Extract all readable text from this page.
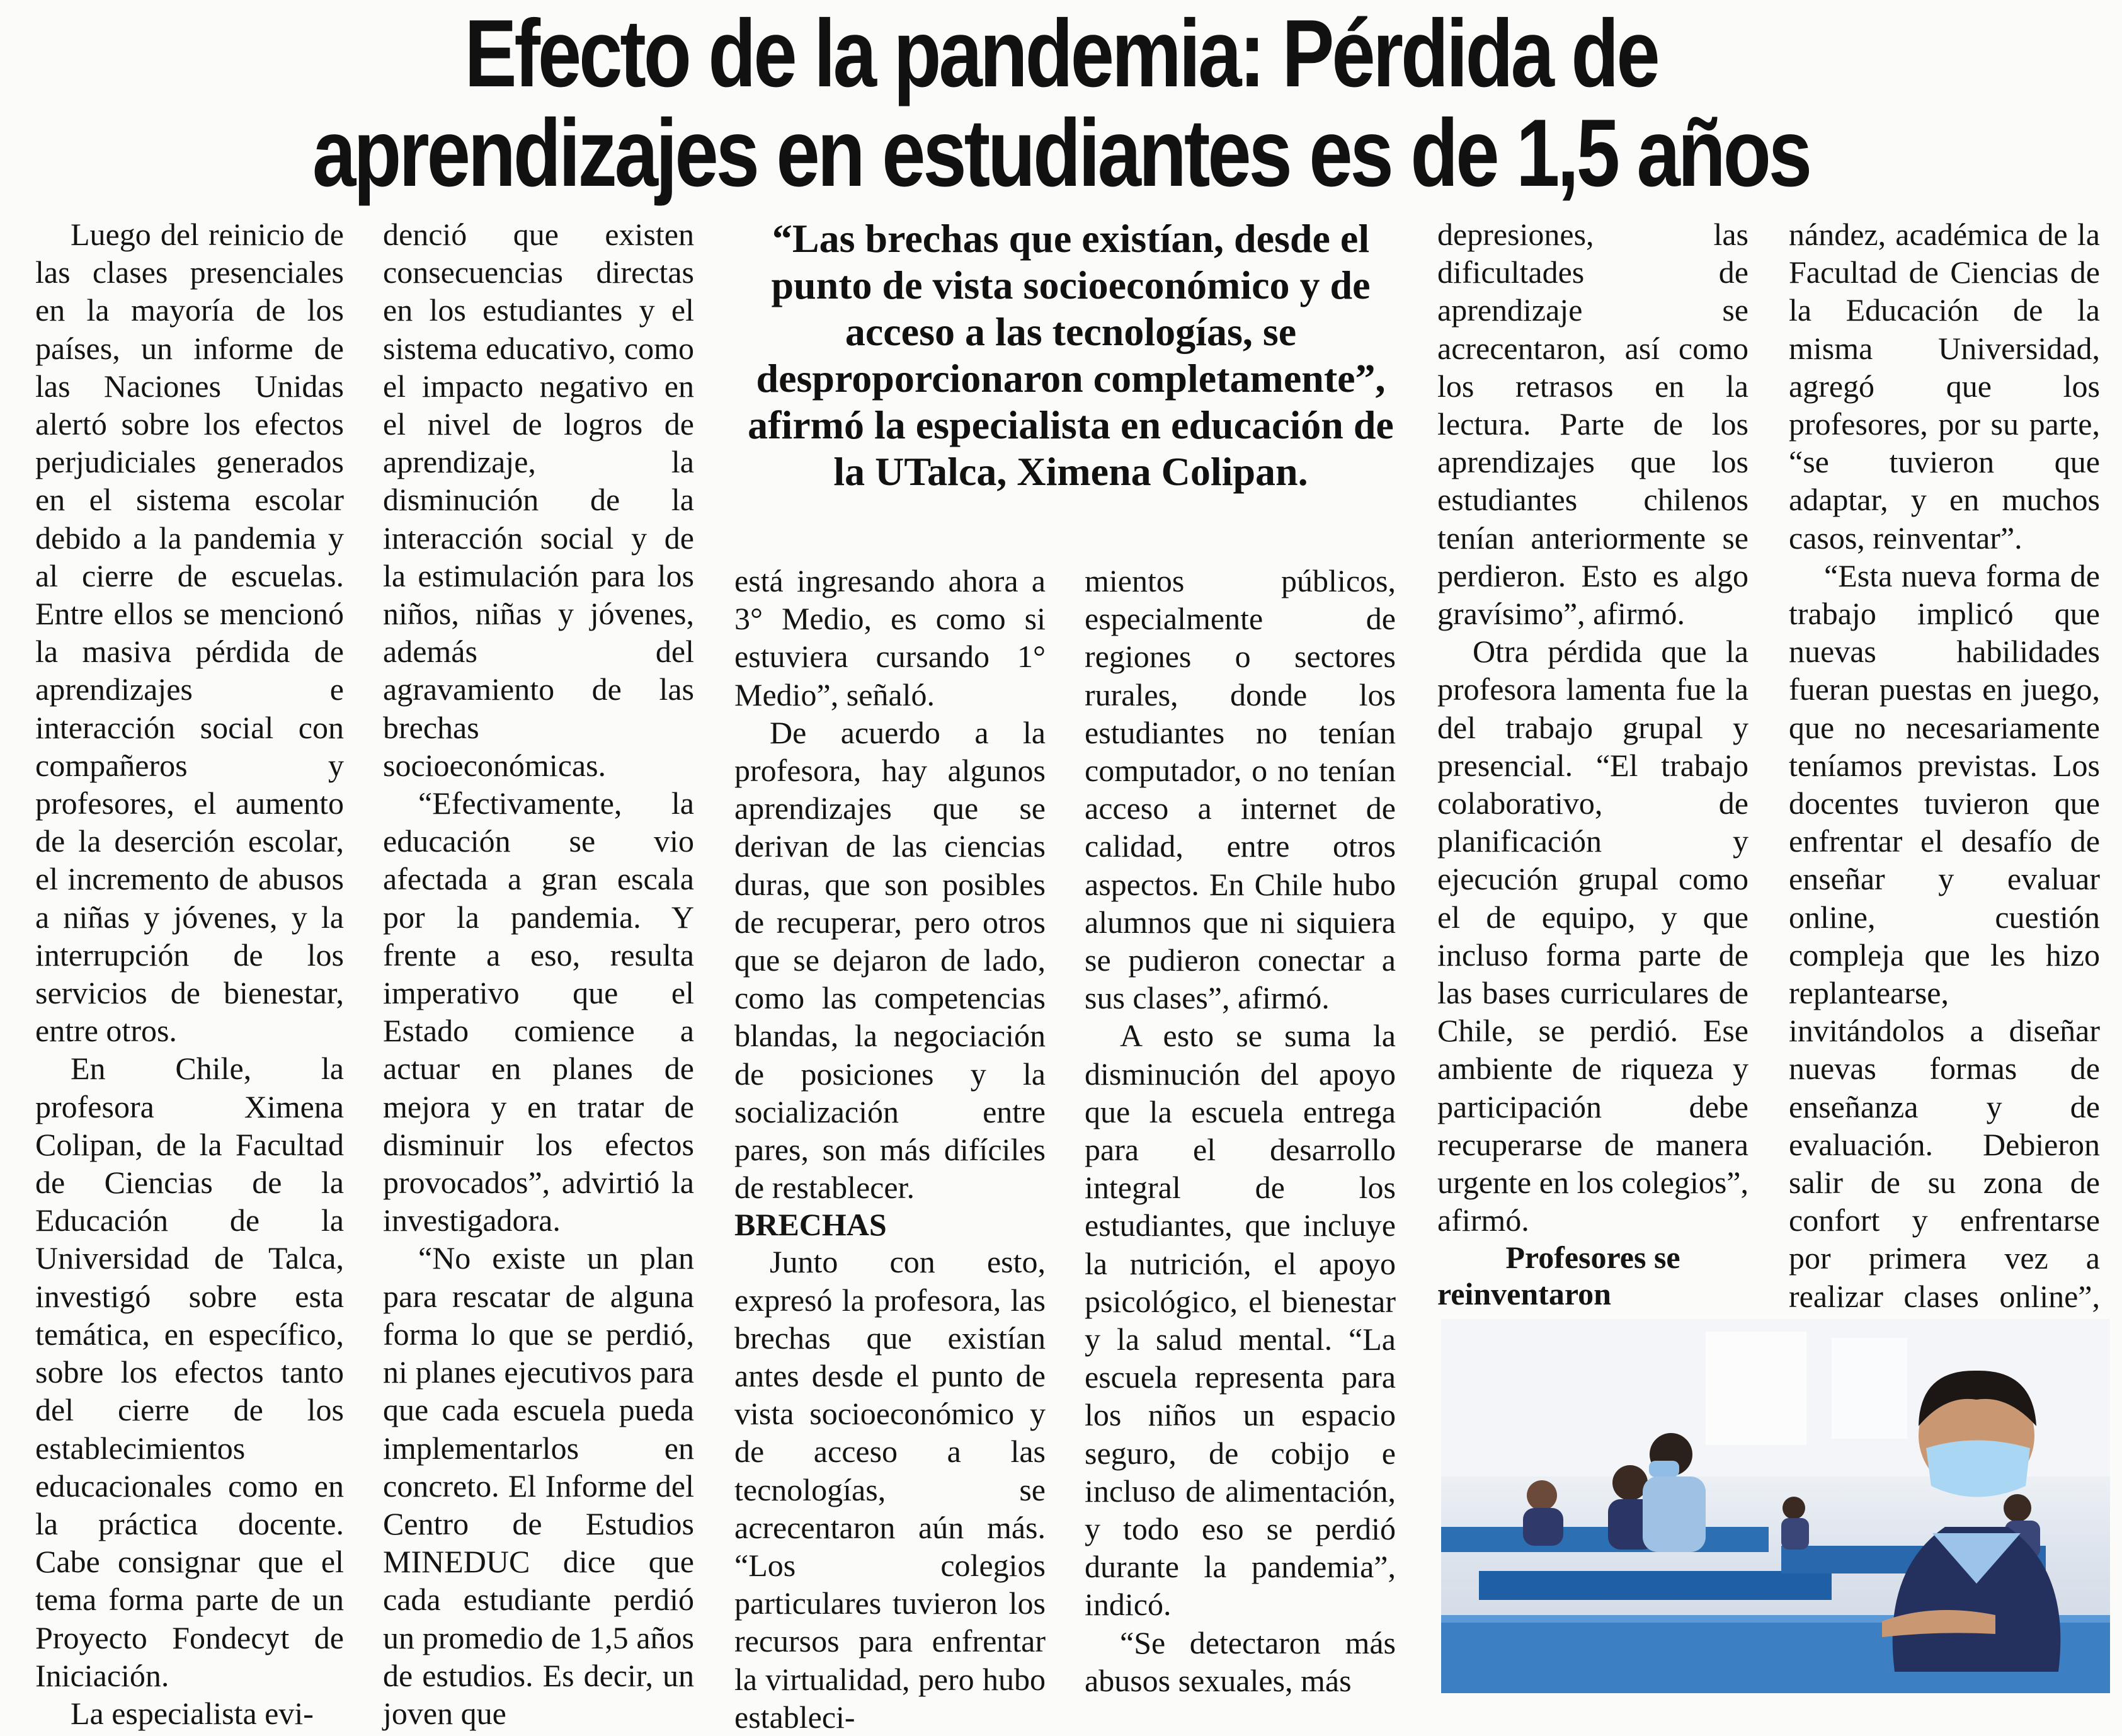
Efecto de la pandemia: Pérdida de
aprendizajes en estudiantes es de 1,5 años

Luego del reinicio de las clases presenciales en la mayoría de los países, un informe de las Naciones Unidas alertó sobre los efectos perjudiciales generados en el sistema escolar debido a la pandemia y al cierre de escuelas. Entre ellos se mencionó la masiva pérdida de aprendizajes e interacción social con compañeros y profesores, el aumento de la deserción escolar, el incremento de abusos a niñas y jóvenes, y la interrupción de los servicios de bienestar, entre otros.

En Chile, la profesora Ximena Colipan, de la Facultad de Ciencias de la Educación de la Universidad de Talca, investigó sobre esta temática, en específico, sobre los efectos tanto del cierre de los establecimientos educacionales como en la práctica docente. Cabe consignar que el tema forma parte de un Proyecto Fondecyt de Iniciación.

La especialista evi-

denció que existen consecuencias directas en los estudiantes y el sistema educativo, como el impacto negativo en el nivel de logros de aprendizaje, la disminución de la interacción social y de la estimulación para los niños, niñas y jóvenes, además del agravamiento de las brechas socioeconómicas.

“Efectivamente, la educación se vio afectada a gran escala por la pandemia. Y frente a eso, resulta imperativo que el Estado comience a actuar en planes de mejora y en tratar de disminuir los efectos provocados”, advirtió la investigadora.

“No existe un plan para rescatar de alguna forma lo que se perdió, ni planes ejecutivos para que cada escuela pueda implementarlos en concreto. El Informe del Centro de Estudios MINEDUC dice que cada estudiante perdió un promedio de 1,5 años de estudios. Es decir, un joven que

“Las brechas que existían, desde el punto de vista socioeconómico y de acceso a las tecnologías, se desproporcionaron completamente”, afirmó la especialista en educación de la UTalca, Ximena Colipan.

está ingresando ahora a 3° Medio, es como si estuviera cursando 1° Medio”, señaló.

De acuerdo a la profesora, hay algunos aprendizajes que se derivan de las ciencias duras, que son posibles de recuperar, pero otros que se dejaron de lado, como las competencias blandas, la negociación de posiciones y la socialización entre pares, son más difíciles de restablecer.

BRECHAS

Junto con esto, expresó la profesora, las brechas que existían antes desde el punto de vista socioeconómico y de acceso a las tecnologías, se acrecentaron aún más. “Los colegios particulares tuvieron los recursos para enfrentar la virtualidad, pero hubo estableci-

mientos públicos, especialmente de regiones o sectores rurales, donde los estudiantes no tenían computador, o no tenían acceso a internet de calidad, entre otros aspectos. En Chile hubo alumnos que ni siquiera se pudieron conectar a sus clases”, afirmó.

A esto se suma la disminución del apoyo que la escuela entrega para el desarrollo integral de los estudiantes, que incluye la nutrición, el apoyo psicológico, el bienestar y la salud mental. “La escuela representa para los niños un espacio seguro, de cobijo e incluso de alimentación, y todo eso se perdió durante la pandemia”, indicó.

“Se detectaron más abusos sexuales, más

depresiones, las dificultades de aprendizaje se acrecentaron, así como los retrasos en la lectura. Parte de los aprendizajes que los estudiantes chilenos tenían anteriormente se perdieron. Esto es algo gravísimo”, afirmó.

Otra pérdida que la profesora lamenta fue la del trabajo grupal y presencial. “El trabajo colaborativo, de planificación y ejecución grupal como el de equipo, y que incluso forma parte de las bases curriculares de Chile, se perdió. Ese ambiente de riqueza y participación debe recuperarse de manera urgente en los colegios”, afirmó.

Profesores se reinventaron

nández, académica de la Facultad de Ciencias de la Educación de la misma Universidad, agregó que los profesores, por su parte, “se tuvieron que adaptar, y en muchos casos, reinventar”.

“Esta nueva forma de trabajo implicó que nuevas habilidades fueran puestas en juego, que no necesariamente teníamos previstas. Los docentes tuvieron que enfrentar el desafío de enseñar y evaluar online, cuestión compleja que les hizo replantearse, invitándolos a diseñar nuevas formas de enseñanza y de evaluación. Debieron salir de su zona de confort y enfrentarse por primera vez a realizar clases online”,
